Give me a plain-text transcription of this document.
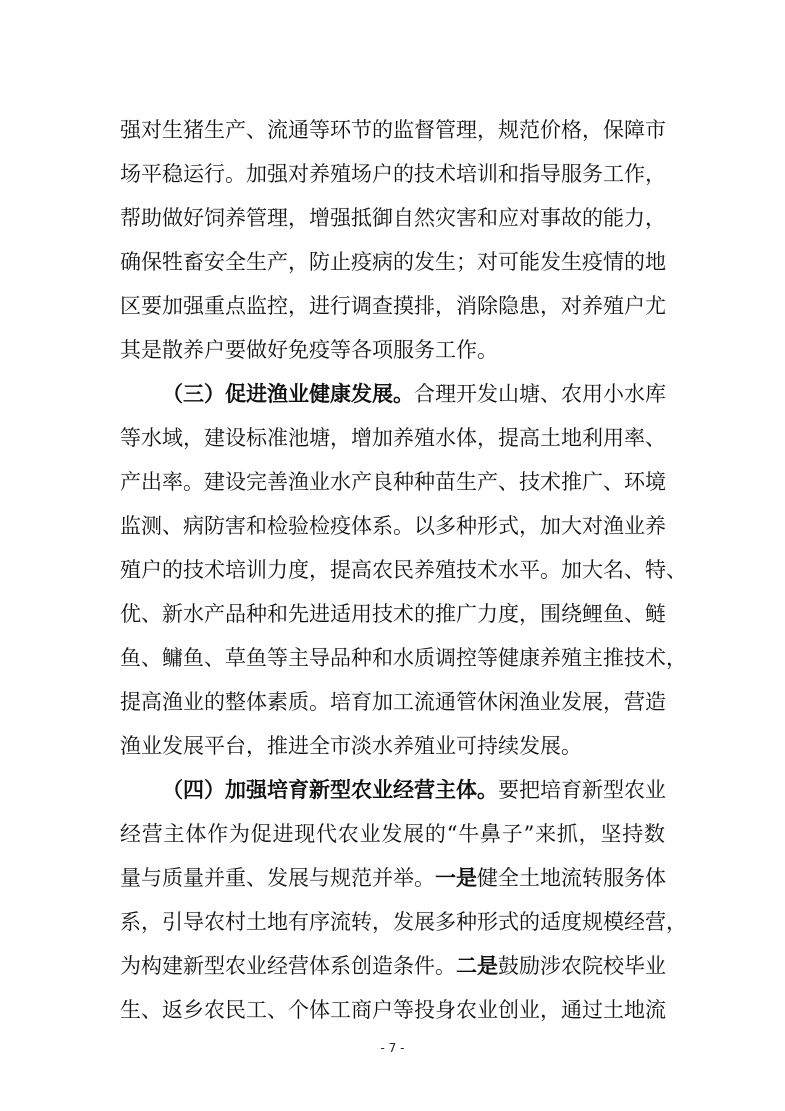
强对生猪生产、流通等环节的监督管理，规范价格，保障市
场平稳运行。加强对养殖场户的技术培训和指导服务工作，
帮助做好饲养管理，增强抵御自然灾害和应对事故的能力，
确保牲畜安全生产，防止疫病的发生；对可能发生疫情的地
区要加强重点监控，进行调查摸排，消除隐患，对养殖户尤
其是散养户要做好免疫等各项服务工作。
（三）促进渔业健康发展。合理开发山塘、农用小水库
等水域，建设标准池塘，增加养殖水体，提高土地利用率、
产出率。建设完善渔业水产良种种苗生产、技术推广、环境
监测、病防害和检验检疫体系。以多种形式，加大对渔业养
殖户的技术培训力度，提高农民养殖技术水平。加大名、特、
优、新水产品种和先进适用技术的推广力度，围绕鲤鱼、鲢
鱼、鳙鱼、草鱼等主导品种和水质调控等健康养殖主推技术，
提高渔业的整体素质。培育加工流通管休闲渔业发展，营造
渔业发展平台，推进全市淡水养殖业可持续发展。
（四）加强培育新型农业经营主体。要把培育新型农业
经营主体作为促进现代农业发展的“牛鼻子”来抓，坚持数
量与质量并重、发展与规范并举。一是健全土地流转服务体
系，引导农村土地有序流转，发展多种形式的适度规模经营，
为构建新型农业经营体系创造条件。二是鼓励涉农院校毕业
生、返乡农民工、个体工商户等投身农业创业，通过土地流
- 7 -
